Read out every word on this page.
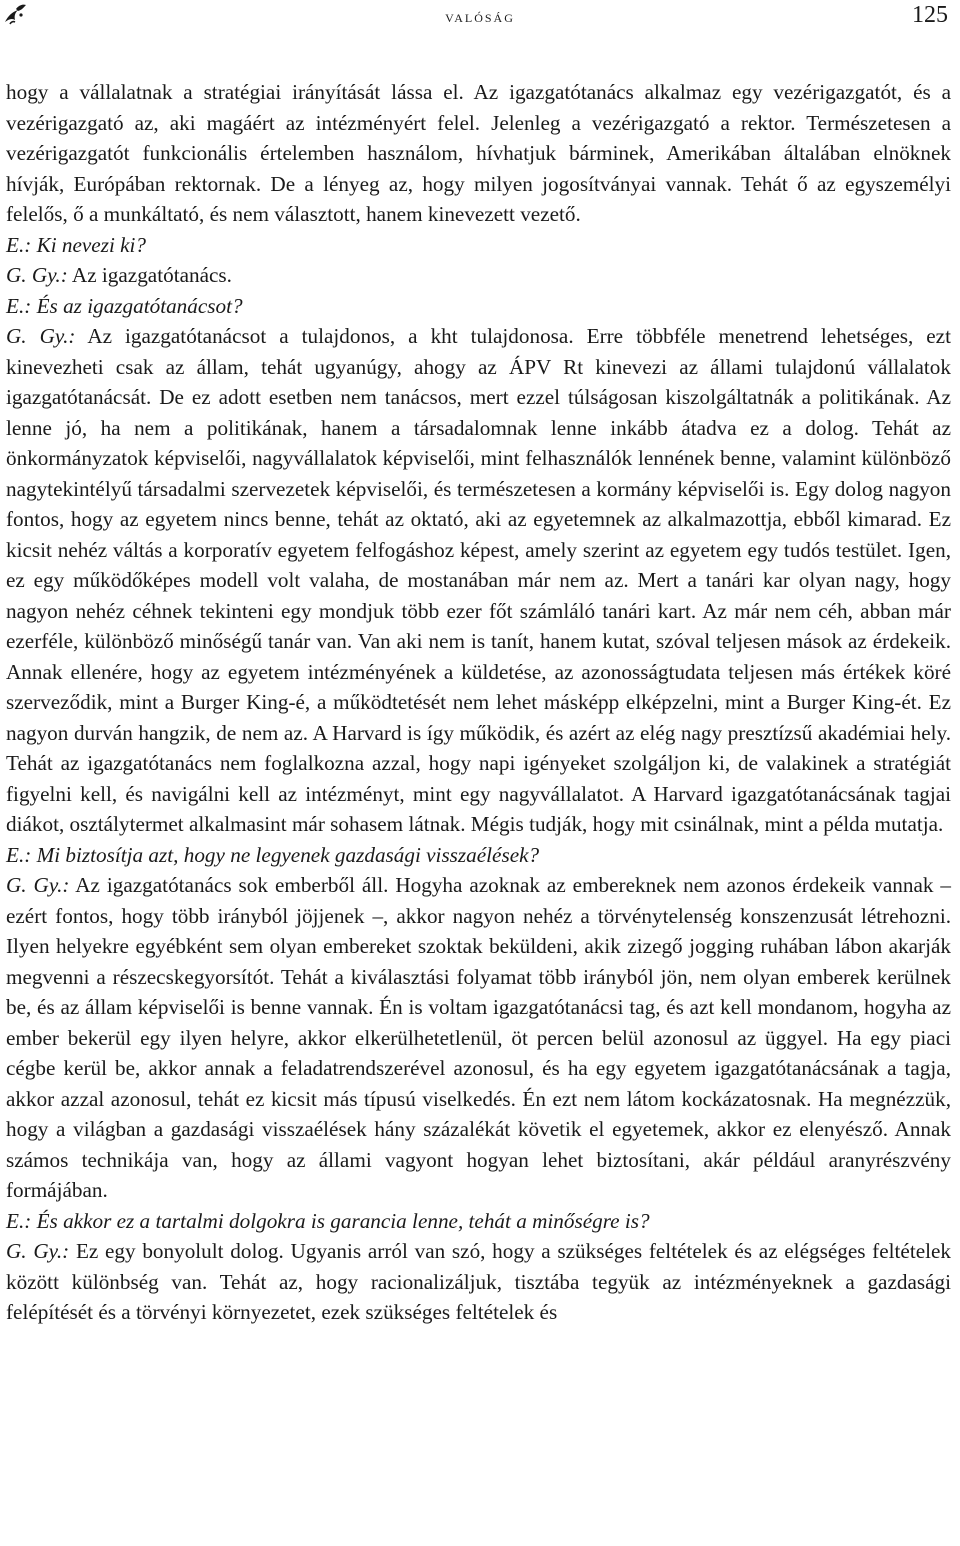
valóság	125

hogy a vállalatnak a stratégiai irányítását lássa el. Az igazgatótanács alkalmaz egy vezérigazgatót, és a vezérigazgató az, aki magáért az intézményért felel. Jelenleg a vezérigazgató a rektor. Természetesen a vezérigazgatót funkcionális értelemben használom, hívhatjuk bárminek, Amerikában általában elnöknek hívják, Európában rektornak. De a lényeg az, hogy milyen jogosítványai vannak. Tehát ő az egyszemélyi felelős, ő a munkáltató, és nem választott, hanem kinevezett vezető.

E.: Ki nevezi ki?

G. Gy.: Az igazgatótanács.

E.: És az igazgatótanácsot?

G. Gy.: Az igazgatótanácsot a tulajdonos, a kht tulajdonosa. Erre többféle menetrend lehetséges, ezt kinevezheti csak az állam, tehát ugyanúgy, ahogy az ÁPV Rt kinevezi az állami tulajdonú vállalatok igazgatótanácsát. De ez adott esetben nem tanácsos, mert ezzel túlságosan kiszolgáltatnák a politikának. Az lenne jó, ha nem a politikának, hanem a társadalomnak lenne inkább átadva ez a dolog. Tehát az önkormányzatok képviselői, nagyvállalatok képviselői, mint felhasználók lennének benne, valamint különböző nagytekintélyű társadalmi szervezetek képviselői, és természetesen a kormány képviselői is. Egy dolog nagyon fontos, hogy az egyetem nincs benne, tehát az oktató, aki az egyetemnek az alkalmazottja, ebből kimarad. Ez kicsit nehéz váltás a korporatív egyetem felfogáshoz képest, amely szerint az egyetem egy tudós testület. Igen, ez egy működőképes modell volt valaha, de mostanában már nem az. Mert a tanári kar olyan nagy, hogy nagyon nehéz céhnek tekinteni egy mondjuk több ezer főt számláló tanári kart. Az már nem céh, abban már ezerféle, különböző minőségű tanár van. Van aki nem is tanít, hanem kutat, szóval teljesen mások az érdekeik. Annak ellenére, hogy az egyetem intézményének a küldetése, az azonosságtudata teljesen más értékek köré szerveződik, mint a Burger King-é, a működtetését nem lehet másképp elképzelni, mint a Burger King-ét. Ez nagyon durván hangzik, de nem az. A Harvard is így működik, és azért az elég nagy presztízsű akadémiai hely. Tehát az igazgatótanács nem foglalkozna azzal, hogy napi igényeket szolgáljon ki, de valakinek a stratégiát figyelni kell, és navigálni kell az intézményt, mint egy nagyvállalatot. A Harvard igazgatótanácsának tagjai diákot, osztálytermet alkalmasint már sohasem látnak. Mégis tudják, hogy mit csinálnak, mint a példa mutatja.

E.: Mi biztosítja azt, hogy ne legyenek gazdasági visszaélések?

G. Gy.: Az igazgatótanács sok emberből áll. Hogyha azoknak az embereknek nem azonos érdekeik vannak – ezért fontos, hogy több irányból jöjjenek –, akkor nagyon nehéz a törvénytelenség konszenzusát létrehozni. Ilyen helyekre egyébként sem olyan embereket szoktak beküldeni, akik zizegő jogging ruhában lábon akarják megvenni a részecskegyorsítót. Tehát a kiválasztási folyamat több irányból jön, nem olyan emberek kerülnek be, és az állam képviselői is benne vannak. Én is voltam igazgatótanácsi tag, és azt kell mondanom, hogyha az ember bekerül egy ilyen helyre, akkor elkerülhetetlenül, öt percen belül azonosul az üggyel. Ha egy piaci cégbe kerül be, akkor annak a feladatrendszerével azonosul, és ha egy egyetem igazgatótanácsának a tagja, akkor azzal azonosul, tehát ez kicsit más típusú viselkedés. Én ezt nem látom kockázatosnak. Ha megnézzük, hogy a világban a gazdasági visszaélések hány százalékát követik el egyetemek, akkor ez elenyésző. Annak számos technikája van, hogy az állami vagyont hogyan lehet biztosítani, akár például aranyrészvény formájában.

E.: És akkor ez a tartalmi dolgokra is garancia lenne, tehát a minőségre is?

G. Gy.: Ez egy bonyolult dolog. Ugyanis arról van szó, hogy a szükséges feltételek és az elégséges feltételek között különbség van. Tehát az, hogy racionalizáljuk, tisztába tegyük az intézményeknek a gazdasági felépítését és a törvényi környezetet, ezek szükséges feltételek és
